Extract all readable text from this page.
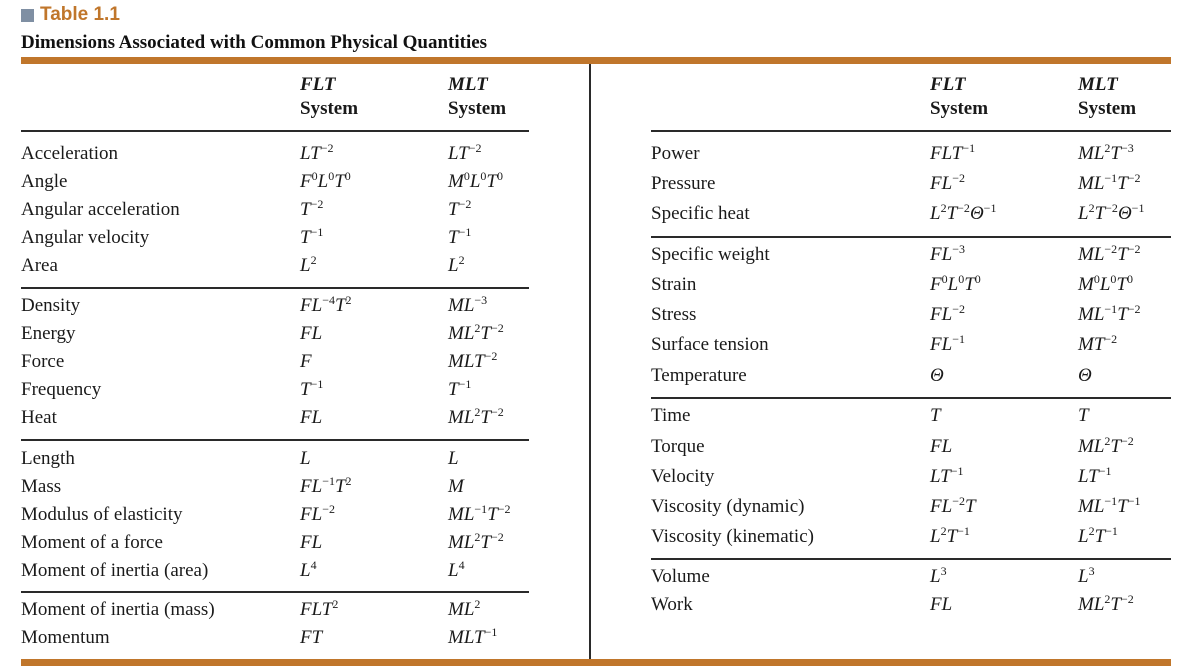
Table 1.1
Dimensions Associated with Common Physical Quantities
FLT
System
MLT
System
Acceleration	$LT^{-2}$	$LT^{-2}$
Angle	$F^0L^0T^0$	$M^0L^0T^0$
Angular acceleration	$T^{-2}$	$T^{-2}$
Angular velocity	$T^{-1}$	$T^{-1}$
Area	$L^2$	$L^2$
Density	$FL^{-4}T^2$	$ML^{-3}$
Energy	FL	$ML^2T^{-2}$
Force	F	$MLT^{-2}$
Frequency	$T^{-1}$	$T^{-1}$
Heat	FL	$ML^2T^{-2}$
Length	L	L
Mass	$FL^{-1}T^2$	M
Modulus of elasticity	$FL^{-2}$	$ML^{-1}T^{-2}$
Moment of a force	FL	$ML^2T^{-2}$
Moment of inertia (area)	$L^4$	$L^4$
Moment of inertia (mass)	FLT$^2$	$ML^2$
Momentum	FT	$MLT^{-1}$
FLT
System
MLT
System
Power	$FLT^{-1}$	$ML^2T^{-3}$
Pressure	$FL^{-2}$	$ML^{-1}T^{-2}$
Specific heat	$L^2T^{-2}\Theta^{-1}$	$L^2T^{-2}\Theta^{-1}$
Specific weight	$FL^{-3}$	$ML^{-2}T^{-2}$
Strain	$F^0L^0T^0$	$M^0L^0T^0$
Stress	$FL^{-2}$	$ML^{-1}T^{-2}$
Surface tension	$FL^{-1}$	$MT^{-2}$
Temperature	Θ	Θ
Time	T	T
Torque	FL	$ML^2T^{-2}$
Velocity	$LT^{-1}$	$LT^{-1}$
Viscosity (dynamic)	$FL^{-2}T$	$ML^{-1}T^{-1}$
Viscosity (kinematic)	$L^2T^{-1}$	$L^2T^{-1}$
Volume	$L^3$	$L^3$
Work	FL	$ML^2T^{-2}$
